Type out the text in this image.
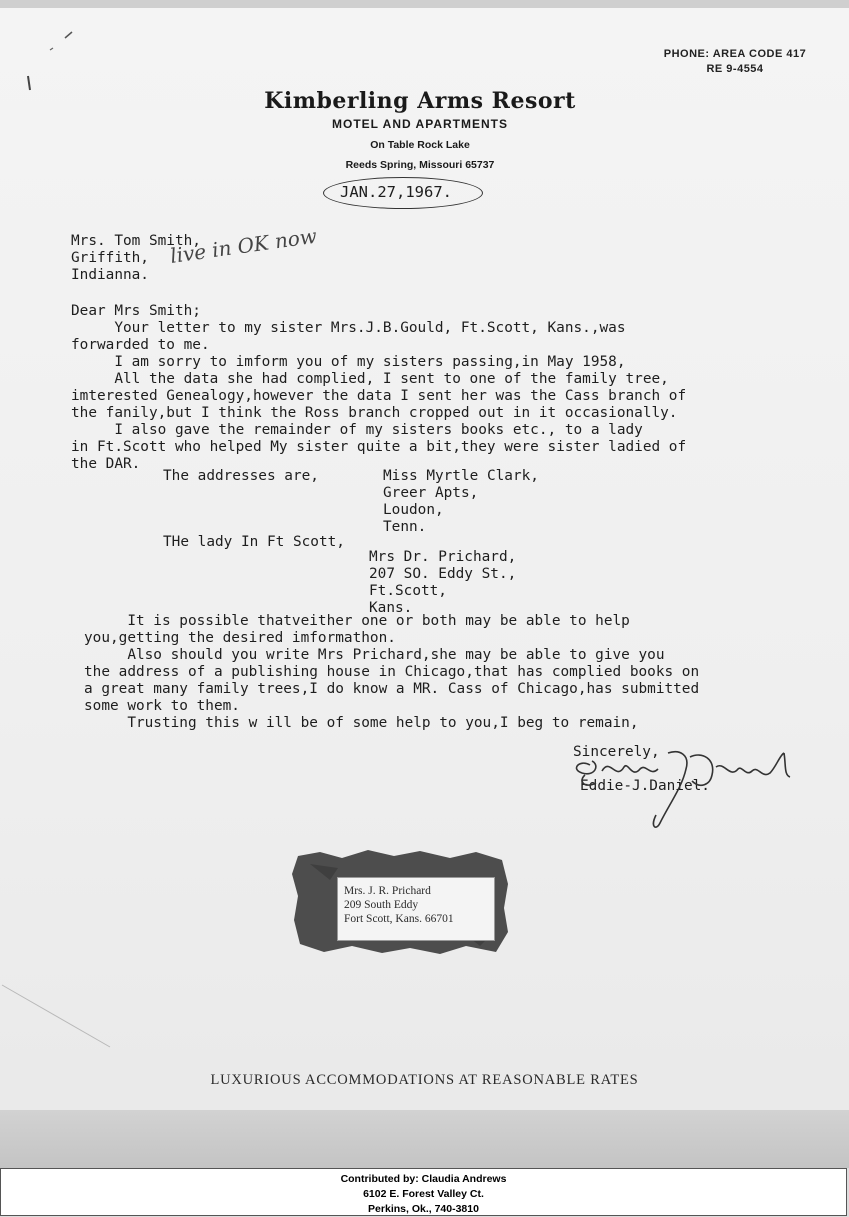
PHONE: AREA CODE 417
RE 9-4554
Kimberling Arms Resort
MOTEL AND APARTMENTS
On Table Rock Lake
Reeds Spring, Missouri 65737
JAN.27,1967.
Mrs. Tom Smith,
Griffith,
Indianna.
live in OK now
Dear Mrs Smith;
Your letter to my sister Mrs.J.B.Gould, Ft.Scott, Kans.,was
forwarded to me.
I am sorry to imform you of my sisters passing,in May 1958,
All the data she had complied, I sent to one of the family tree,
imterested Genealogy,however the data I sent her was the Cass branch of
the fanily,but I think the Ross branch cropped out in it occasionally.
I also gave the remainder of my sisters books etc., to a lady
in Ft.Scott who helped My sister quite a bit,they were sister ladied of
the DAR.
The addresses are,	Miss Myrtle Clark,
Greer Apts,
Loudon,
Tenn.
THe lady In Ft Scott,
Mrs Dr. Prichard,
207 SO. Eddy St.,
Ft.Scott,
Kans.
It is possible thatveither one or both may be able to help
you,getting the desired imformathon.
Also should you write Mrs Prichard,she may be able to give you
the address of a publishing house in Chicago,that has complied books on
a great many family trees,I do know a MR. Cass of Chicago,has submitted
some work to them.
Trusting this w ill be of some help to you,I beg to remain,
Sincerely,
Eddie-J.Daniel.
Mrs. J. R. Prichard
209 South Eddy
Fort Scott, Kans. 66701
LUXURIOUS ACCOMMODATIONS AT REASONABLE RATES
Contributed by: Claudia Andrews
6102 E. Forest Valley Ct.
Perkins, Ok., 740-3810
